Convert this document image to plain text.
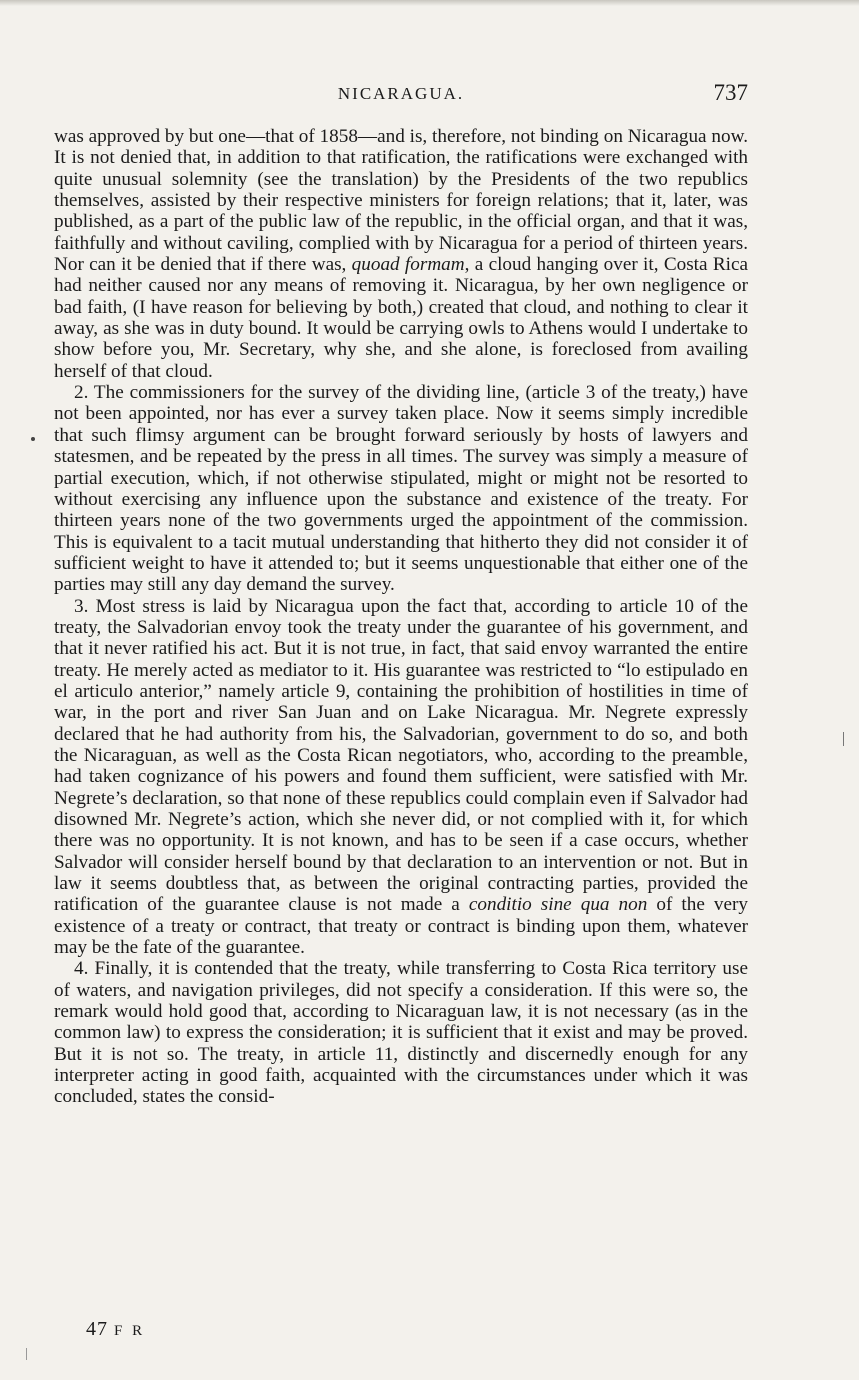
NICARAGUA.	737

was approved by but one—that of 1858—and is, therefore, not binding on Nicaragua now. It is not denied that, in addition to that ratification, the ratifications were exchanged with quite unusual solemnity (see the translation) by the Presidents of the two republics themselves, assisted by their respective ministers for foreign relations; that it, later, was published, as a part of the public law of the republic, in the official organ, and that it was, faithfully and without caviling, complied with by Nicaragua for a period of thirteen years. Nor can it be denied that if there was, quoad formam, a cloud hanging over it, Costa Rica had neither caused nor any means of removing it. Nicaragua, by her own negligence or bad faith, (I have reason for believing by both,) created that cloud, and nothing to clear it away, as she was in duty bound. It would be carrying owls to Athens would I undertake to show before you, Mr. Secretary, why she, and she alone, is foreclosed from availing herself of that cloud.

2. The commissioners for the survey of the dividing line, (article 3 of the treaty,) have not been appointed, nor has ever a survey taken place. Now it seems simply incredible that such flimsy argument can be brought forward seriously by hosts of lawyers and statesmen, and be repeated by the press in all times. The survey was simply a measure of partial execution, which, if not otherwise stipulated, might or might not be resorted to without exercising any influence upon the substance and existence of the treaty. For thirteen years none of the two governments urged the appointment of the commission. This is equivalent to a tacit mutual understanding that hitherto they did not consider it of sufficient weight to have it attended to; but it seems unquestionable that either one of the parties may still any day demand the survey.

3. Most stress is laid by Nicaragua upon the fact that, according to article 10 of the treaty, the Salvadorian envoy took the treaty under the guarantee of his government, and that it never ratified his act. But it is not true, in fact, that said envoy warranted the entire treaty. He merely acted as mediator to it. His guarantee was restricted to “lo estipulado en el articulo anterior,” namely article 9, containing the prohibition of hostilities in time of war, in the port and river San Juan and on Lake Nicaragua. Mr. Negrete expressly declared that he had authority from his, the Salvadorian, government to do so, and both the Nicaraguan, as well as the Costa Rican negotiators, who, according to the preamble, had taken cognizance of his powers and found them sufficient, were satisfied with Mr. Negrete’s declaration, so that none of these republics could complain even if Salvador had disowned Mr. Negrete’s action, which she never did, or not complied with it, for which there was no opportunity. It is not known, and has to be seen if a case occurs, whether Salvador will consider herself bound by that declaration to an intervention or not. But in law it seems doubtless that, as between the original contracting parties, provided the ratification of the guarantee clause is not made a conditio sine qua non of the very existence of a treaty or contract, that treaty or contract is binding upon them, whatever may be the fate of the guarantee.

4. Finally, it is contended that the treaty, while transferring to Costa Rica territory use of waters, and navigation privileges, did not specify a consideration. If this were so, the remark would hold good that, according to Nicaraguan law, it is not necessary (as in the common law) to express the consideration; it is sufficient that it exist and may be proved. But it is not so. The treaty, in article 11, distinctly and discernedly enough for any interpreter acting in good faith, acquainted with the circumstances under which it was concluded, states the consid-

47 F R
